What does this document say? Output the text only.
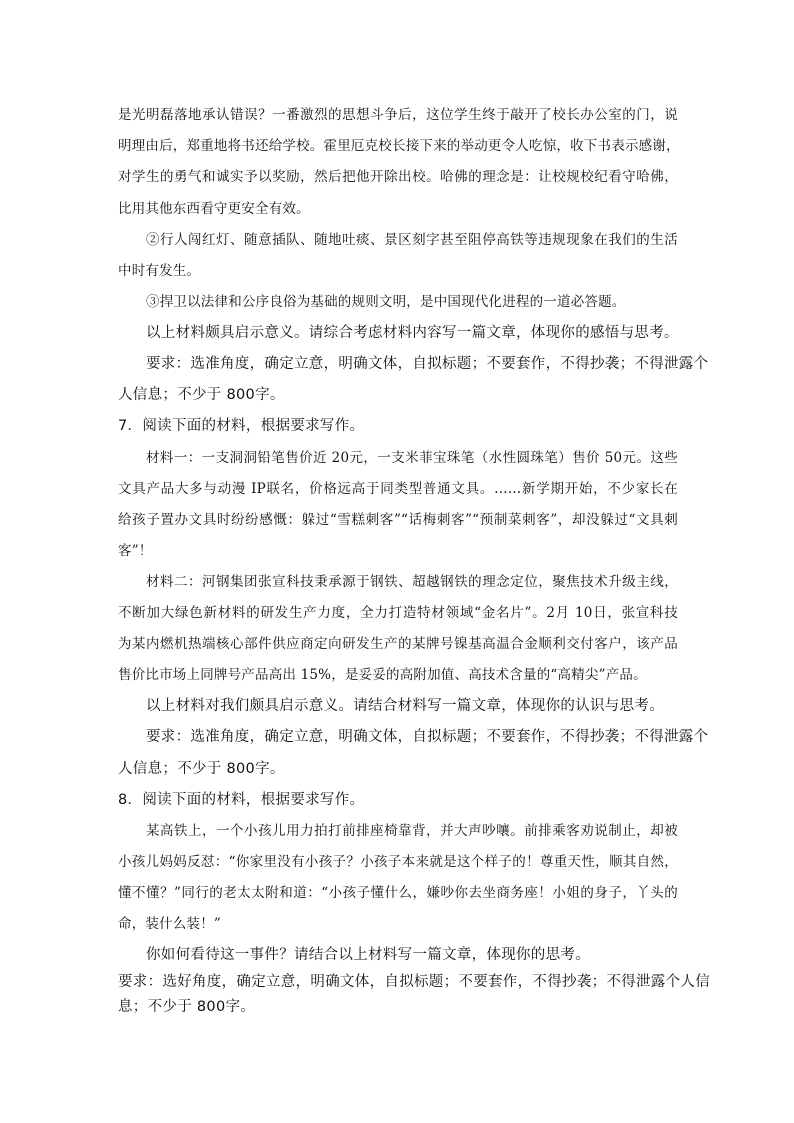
是光明磊落地承认错误？一番激烈的思想斗争后，这位学生终于敲开了校长办公室的门，说
明理由后，郑重地将书还给学校。霍里厄克校长接下来的举动更令人吃惊，收下书表示感谢，
对学生的勇气和诚实予以奖励，然后把他开除出校。哈佛的理念是：让校规校纪看守哈佛，
比用其他东西看守更安全有效。
②行人闯红灯、随意插队、随地吐痰、景区刻字甚至阻停高铁等违规现象在我们的生活
中时有发生。
③捍卫以法律和公序良俗为基础的规则文明，是中国现代化进程的一道必答题。
以上材料颇具启示意义。请综合考虑材料内容写一篇文章，体现你的感悟与思考。
要求：选准角度，确定立意，明确文体，自拟标题；不要套作，不得抄袭；不得泄露个
人信息；不少于 800字。
7．阅读下面的材料，根据要求写作。
材料一：一支洞洞铅笔售价近 20元，一支米菲宝珠笔（水性圆珠笔）售价 50元。这些
文具产品大多与动漫 IP联名，价格远高于同类型普通文具。……新学期开始，不少家长在
给孩子置办文具时纷纷感慨：躲过“雪糕刺客”“话梅刺客”“预制菜刺客”，却没躲过“文具刺
客”！
材料二：河钢集团张宣科技秉承源于钢铁、超越钢铁的理念定位，聚焦技术升级主线，
不断加大绿色新材料的研发生产力度，全力打造特材领域“金名片”。2月 10日，张宣科技
为某内燃机热端核心部件供应商定向研发生产的某牌号镍基高温合金顺利交付客户，该产品
售价比市场上同牌号产品高出 15%，是妥妥的高附加值、高技术含量的“高精尖”产品。
以上材料对我们颇具启示意义。请结合材料写一篇文章，体现你的认识与思考。
要求：选准角度，确定立意，明确文体，自拟标题；不要套作，不得抄袭；不得泄露个
人信息；不少于 800字。
8．阅读下面的材料，根据要求写作。
某高铁上，一个小孩儿用力拍打前排座椅靠背，并大声吵嚷。前排乘客劝说制止，却被
小孩儿妈妈反怼：“你家里没有小孩子？小孩子本来就是这个样子的！尊重天性，顺其自然，
懂不懂？”同行的老太太附和道：“小孩子懂什么，嫌吵你去坐商务座！小姐的身子，丫头的
命，装什么装！”
你如何看待这一事件？请结合以上材料写一篇文章，体现你的思考。
要求：选好角度，确定立意，明确文体，自拟标题；不要套作，不得抄袭；不得泄露个人信
息；不少于 800字。
